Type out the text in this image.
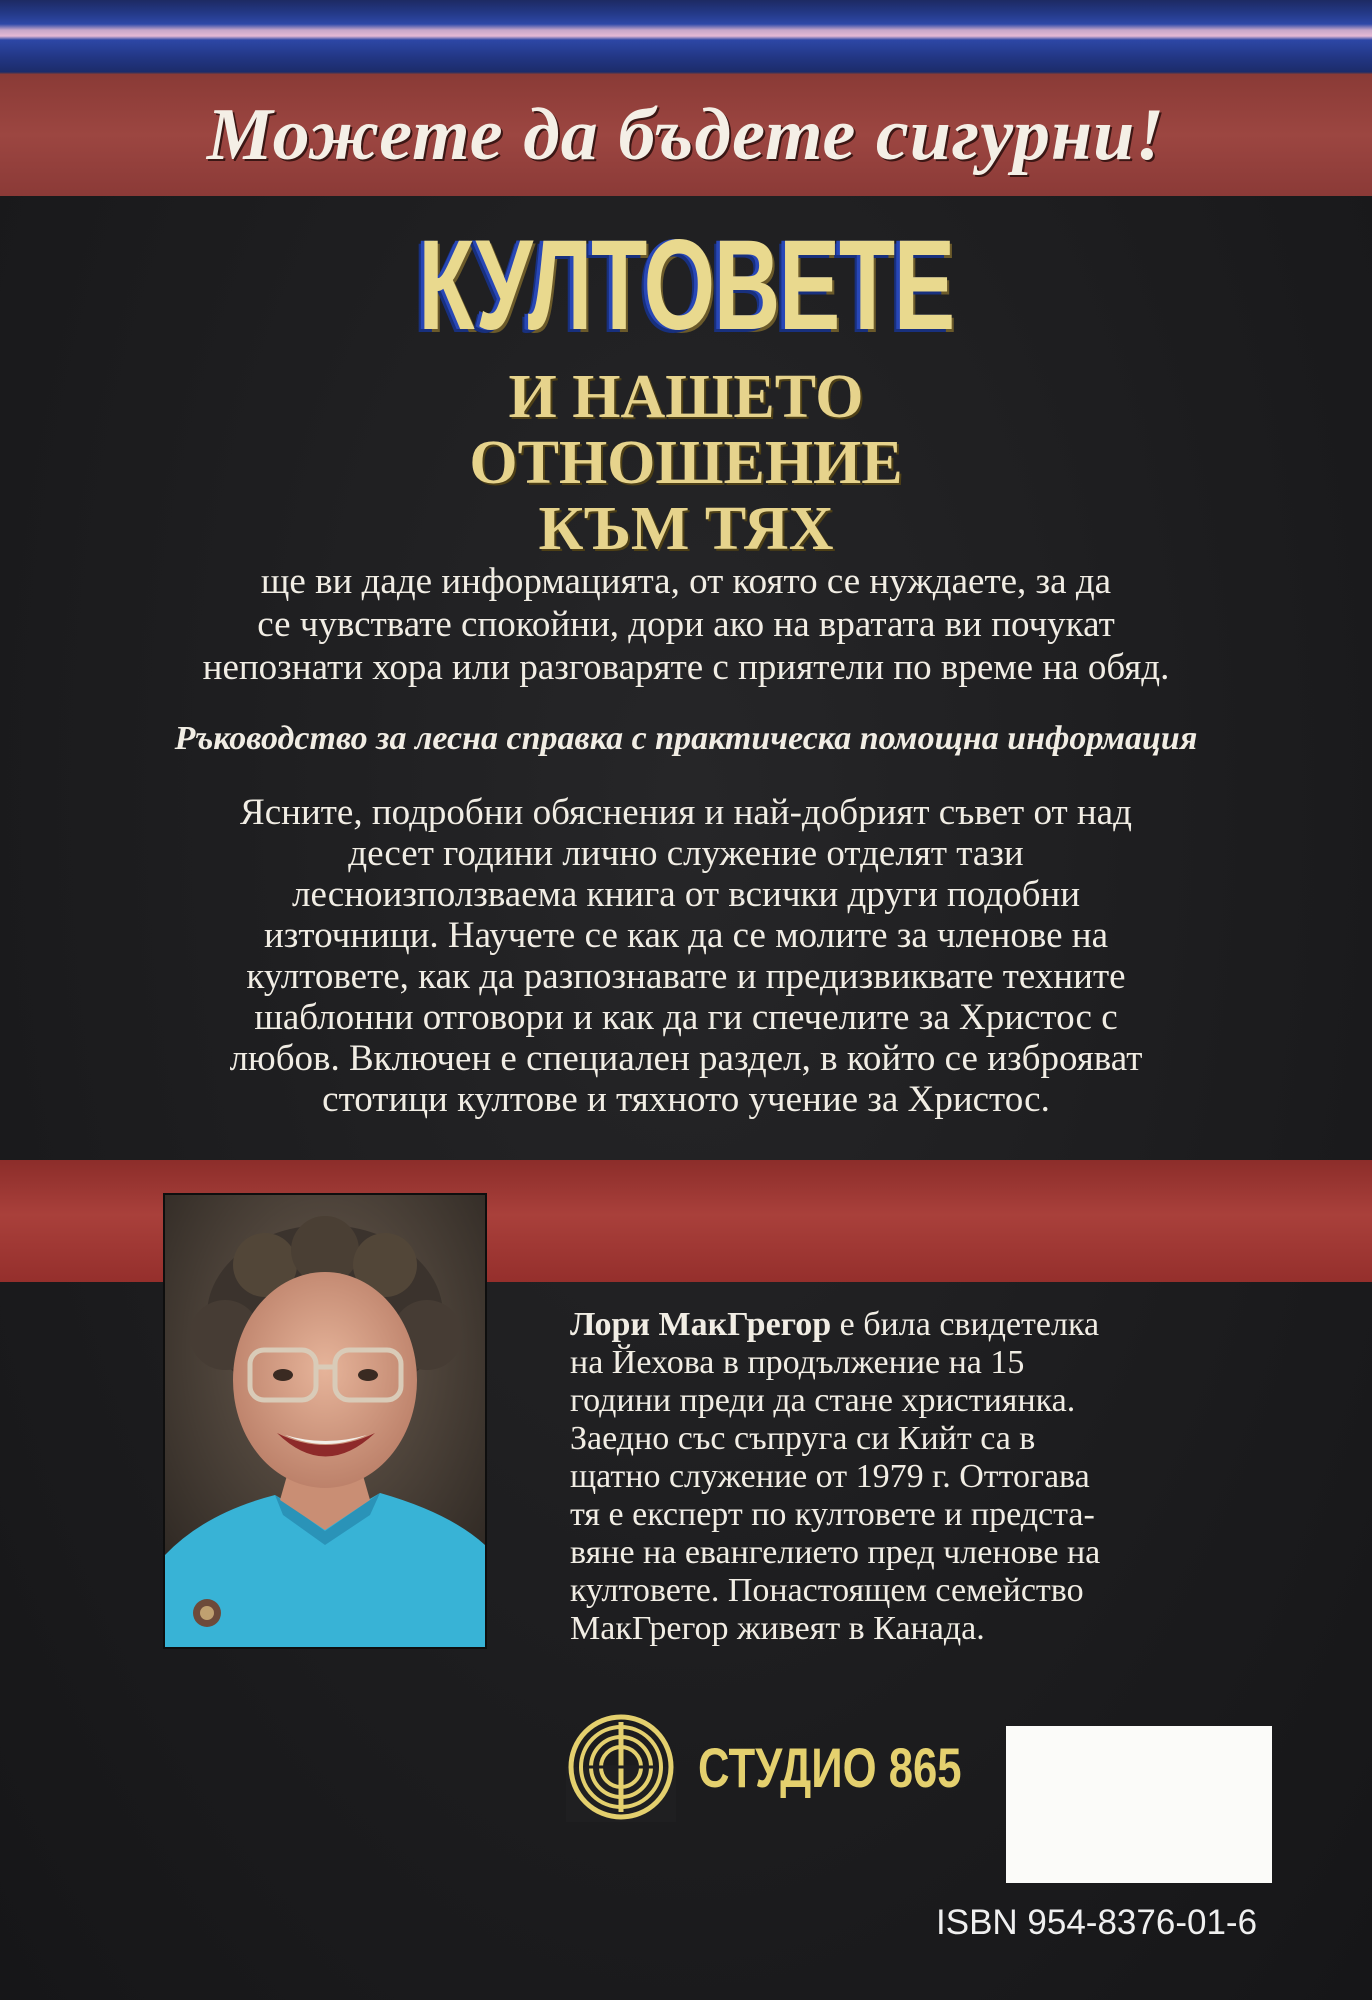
Можете да бъдете сигурни!
КУЛТОВЕТЕ
И НАШЕТО
ОТНОШЕНИЕ
КЪМ ТЯХ
ще ви даде информацията, от която се нуждаете, за да
се чувствате спокойни, дори ако на вратата ви почукат
непознати хора или разговаряте с приятели по време на обяд.
Ръководство за лесна справка с практическа помощна информация
Ясните, подробни обяснения и най-добрият съвет от над
десет години лично служение отделят тази
лесноизползваема книга от всички други подобни
източници. Научете се как да се молите за членове на
култовете, как да разпознавате и предизвиквате техните
шаблонни отговори и как да ги спечелите за Христос с
любов. Включен е специален раздел, в който се изброяват
стотици култове и тяхното учение за Христос.
Лори МакГрегор е била свидетелка
на Йехова в продължение на 15
години преди да стане християнка.
Заедно със съпруга си Кийт са в
щатно служение от 1979 г. Оттогава
тя е експерт по култовете и предста-
вяне на евангелието пред членове на
култовете. Понастоящем семейство
МакГрегор живеят в Канада.
СТУДИО 865
ISBN 954-8376-01-6
